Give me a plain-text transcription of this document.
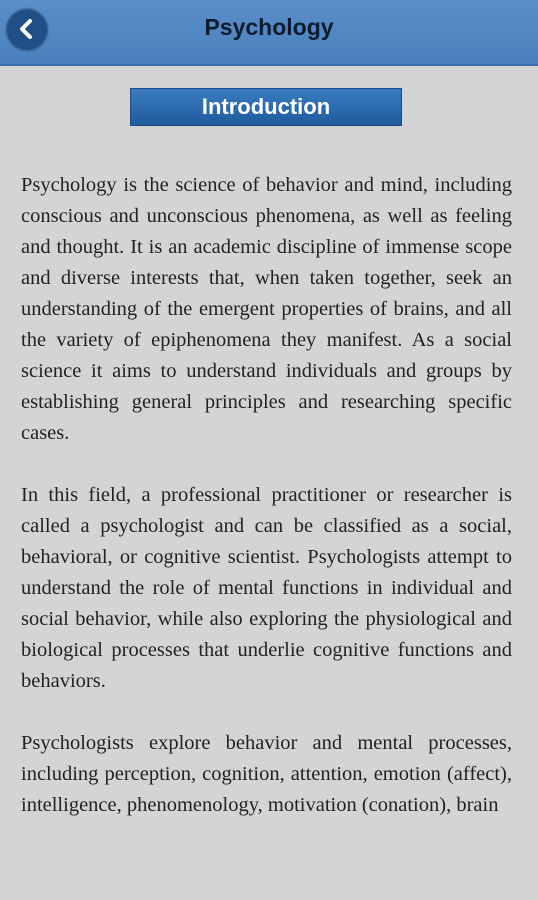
Psychology
Introduction

Psychology is the science of behavior and mind, including conscious and unconscious phenomena, as well as feeling and thought. It is an academic discipline of immense scope and diverse interests that, when taken together, seek an understanding of the emergent properties of brains, and all the variety of epiphenomena they manifest. As a social science it aims to understand individuals and groups by establishing general principles and researching specific cases.

In this field, a professional practitioner or researcher is called a psychologist and can be classified as a social, behavioral, or cognitive scientist. Psychologists attempt to understand the role of mental functions in individual and social behavior, while also exploring the physiological and biological processes that underlie cognitive functions and behaviors.

Psychologists explore behavior and mental processes, including perception, cognition, attention, emotion (affect), intelligence, phenomenology, motivation (conation), brain
